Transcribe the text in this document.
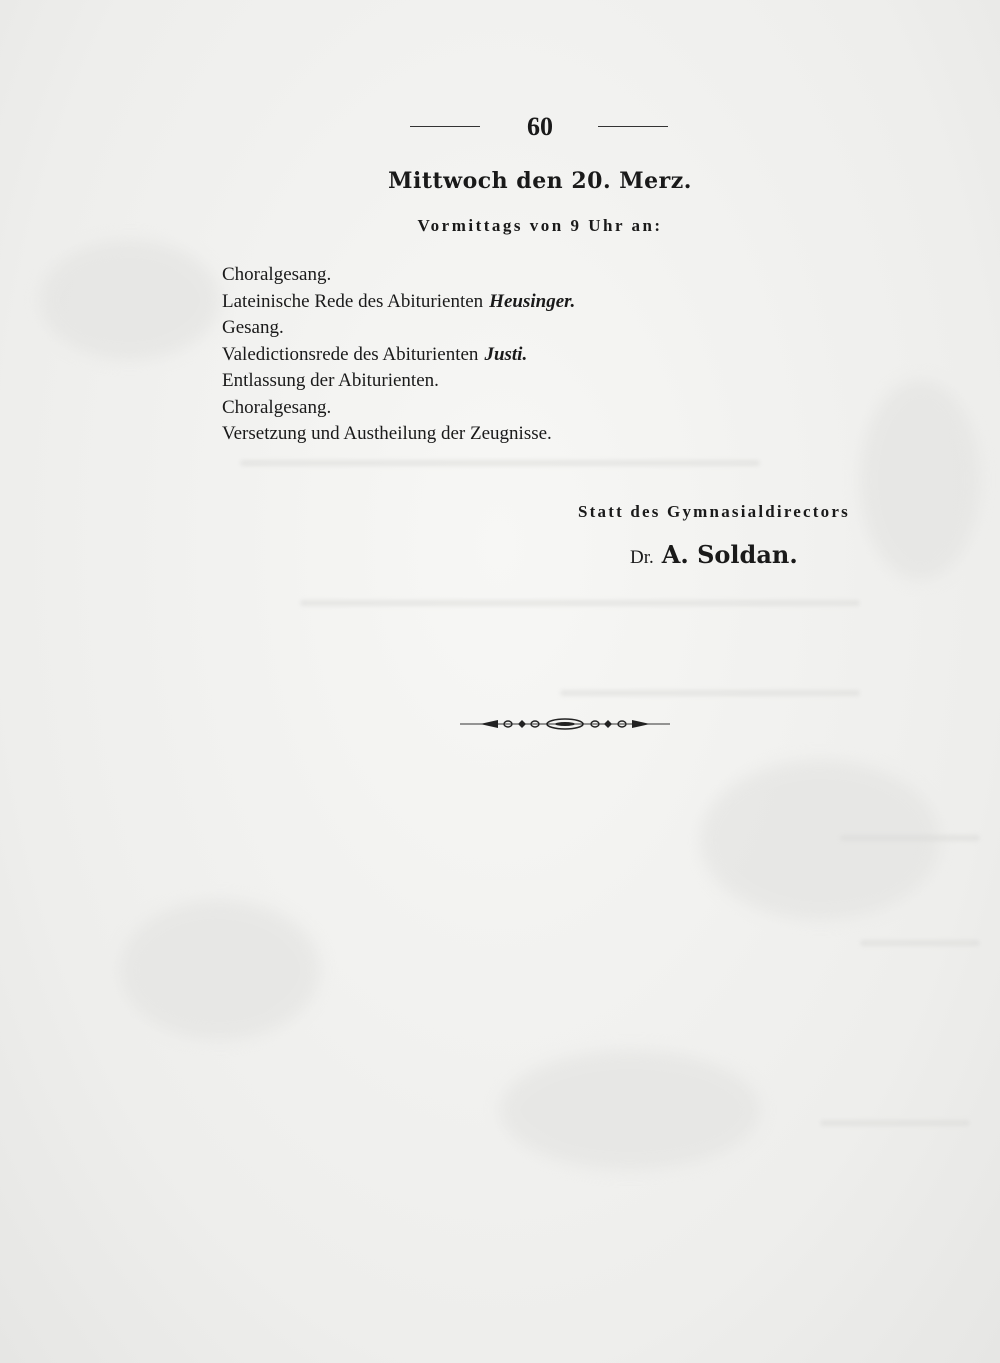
60
Mittwoch den 20. Merz.
Vormittags von 9 Uhr an:
Choralgesang.
Lateinische Rede des Abiturienten Heusinger.
Gesang.
Valedictionsrede des Abiturienten Justi.
Entlassung der Abiturienten.
Choralgesang.
Versetzung und Austheilung der Zeugnisse.
Statt des Gymnasialdirectors
Dr. A. Soldan.
